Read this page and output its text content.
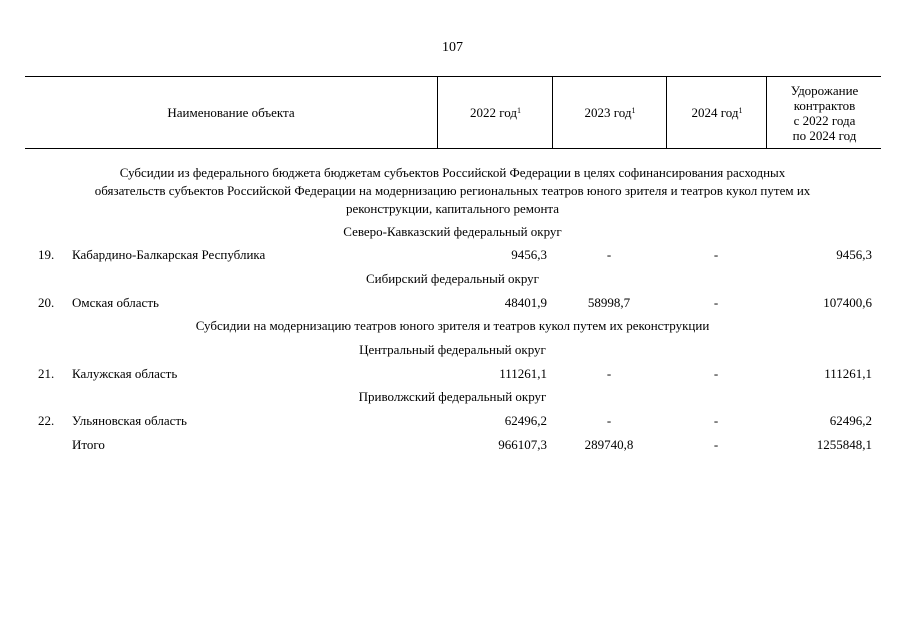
107
Наименование объекта	2022 год$^1$	2023 год$^1$	2024 год$^1$
Удорожание
контрактов
с 2022 года
по 2024 год
Субсидии из федерального бюджета бюджетам субъектов Российской Федерации в целях софинансирования расходных
обязательств субъектов Российской Федерации на модернизацию региональных театров юного зрителя и театров кукол путем их
реконструкции, капитального ремонта
Северо-Кавказский федеральный округ
19. Кабардино-Балкарская Республика	9456,3	-	-	9456,3
Сибирский федеральный округ
20. Омская область	48401,9	58998,7	-	107400,6
Субсидии на модернизацию театров юного зрителя и театров кукол путем их реконструкции
Центральный федеральный округ
21. Калужская область	111261,1	-	-	111261,1
Приволжский федеральный округ
22. Ульяновская область	62496,2	-	-	62496,2
Итого	966107,3	289740,8	-	1255848,1
